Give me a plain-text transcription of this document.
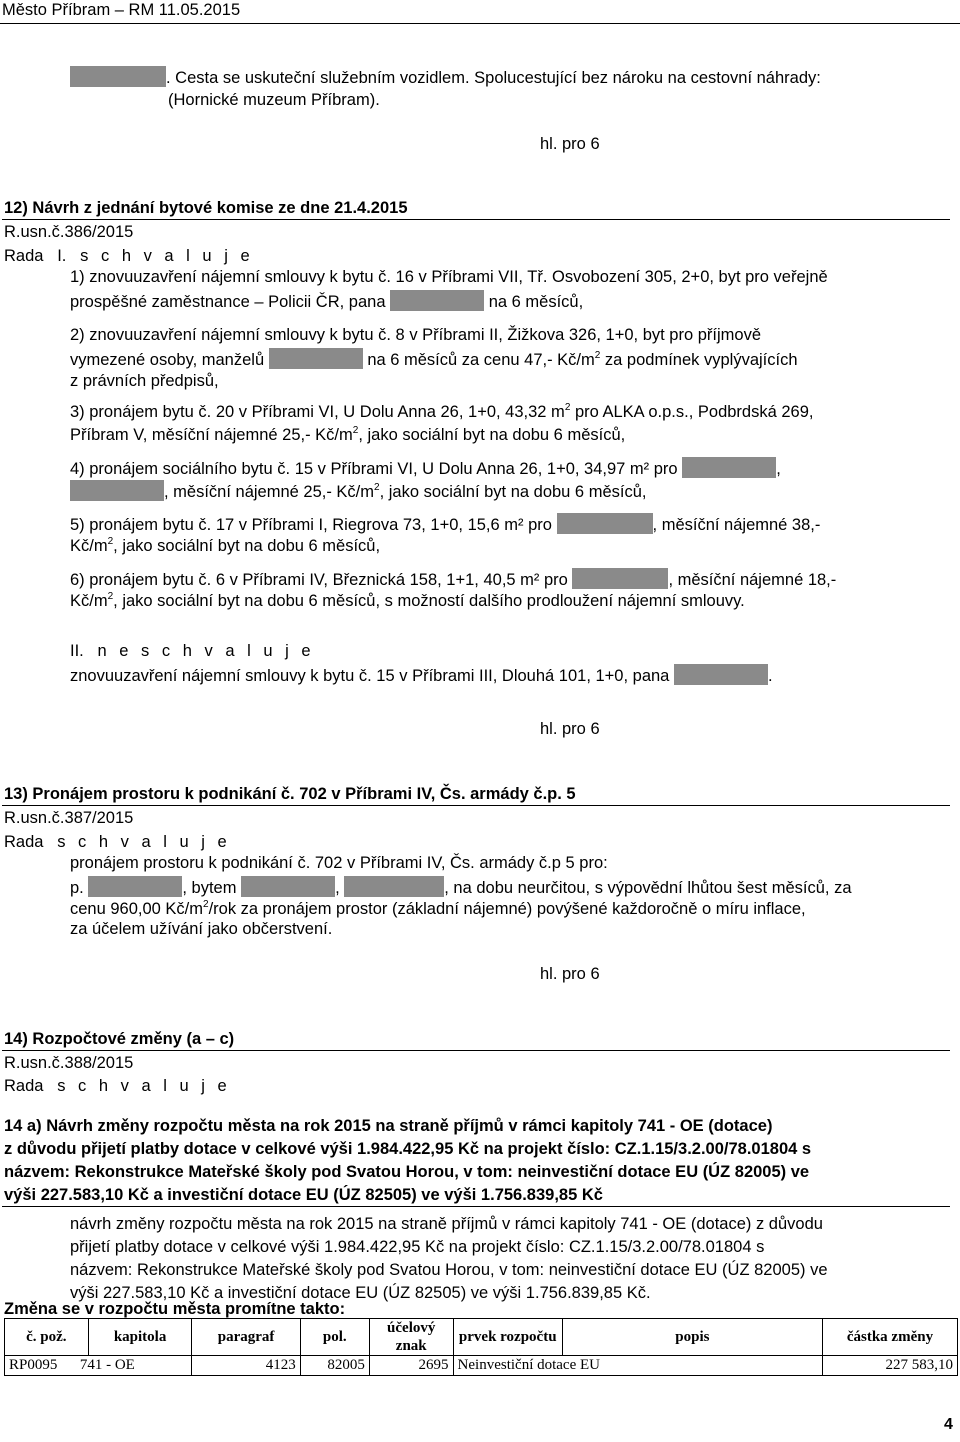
Město Příbram – RM 11.05.2015
. Cesta se uskuteční služebním vozidlem. Spolucestující bez nároku na cestovní náhrady:
(Hornické muzeum Příbram).
hl. pro 6
12) Návrh z jednání bytové komise ze dne 21.4.2015
R.usn.č.386/2015
Rada I. s c h v a l u j e
1) znovuuzavření nájemní smlouvy k bytu č. 16 v Příbrami VII, Tř. Osvobození 305, 2+0, byt pro veřejně
prospěšné zaměstnance – Policii ČR, pana	na 6 měsíců,
2) znovuuzavření nájemní smlouvy k bytu č. 8 v Příbrami II, Žižkova 326, 1+0, byt pro příjmově
vymezené osoby, manželů	na 6 měsíců za cenu 47,- $Kč/m^2$ za podmínek vyplývajících
z právních předpisů,
3) pronájem bytu č. 20 v Příbrami VI, U Dolu Anna 26, 1+0, 43,32 $m^2$ pro ALKA o.p.s., Podbrdská 269,
Příbram V, měsíční nájemné 25,- $Kč/m^2$, jako sociální byt na dobu 6 měsíců,
4) pronájem sociálního bytu č. 15 v Příbrami VI, U Dolu Anna 26, 1+0, 34,97 m² pro	,
, měsíční nájemné 25,- $Kč/m^2$, jako sociální byt na dobu 6 měsíců,
5) pronájem bytu č. 17 v Příbrami I, Riegrova 73, 1+0, 15,6 m² pro	, měsíční nájemné 38,-
$Kč/m^2$, jako sociální byt na dobu 6 měsíců,
6) pronájem bytu č. 6 v Příbrami IV, Březnická 158, 1+1, 40,5 m² pro	, měsíční nájemné 18,-
$Kč/m^2$, jako sociální byt na dobu 6 měsíců, s možností dalšího prodloužení nájemní smlouvy.
II. n e s c h v a l u j e
znovuuzavření nájemní smlouvy k bytu č. 15 v Příbrami III, Dlouhá 101, 1+0, pana	.
hl. pro 6
13) Pronájem prostoru k podnikání č. 702 v Příbrami IV, Čs. armády č.p. 5
R.usn.č.387/2015
Rada s c h v a l u j e
pronájem prostoru k podnikání č. 702 v Příbrami IV, Čs. armády č.p 5 pro:
p.	, bytem	,	, na dobu neurčitou, s výpovědní lhůtou šest měsíců, za
cenu 960,00 $Kč/m^2$/rok za pronájem prostor (základní nájemné) povýšené každoročně o míru inflace,
za účelem užívání jako občerstvení.
hl. pro 6
14) Rozpočtové změny (a – c)
R.usn.č.388/2015
Rada s c h v a l u j e
14 a) Návrh změny rozpočtu města na rok 2015 na straně příjmů v rámci kapitoly 741 - OE (dotace)
z důvodu přijetí platby dotace v celkové výši 1.984.422,95 Kč na projekt číslo: CZ.1.15/3.2.00/78.01804 s
názvem: Rekonstrukce Mateřské školy pod Svatou Horou, v tom: neinvestiční dotace EU (ÚZ 82005) ve
výši 227.583,10 Kč a investiční dotace EU (ÚZ 82505) ve výši 1.756.839,85 Kč
návrh změny rozpočtu města na rok 2015 na straně příjmů v rámci kapitoly 741 - OE (dotace) z důvodu
přijetí platby dotace v celkové výši 1.984.422,95 Kč na projekt číslo: CZ.1.15/3.2.00/78.01804 s
názvem: Rekonstrukce Mateřské školy pod Svatou Horou, v tom: neinvestiční dotace EU (ÚZ 82005) ve
výši 227.583,10 Kč a investiční dotace EU (ÚZ 82505) ve výši 1.756.839,85 Kč.
Změna se v rozpočtu města promítne takto:
č. pož.	kapitola	paragraf	pol.	účelový znak	prvek rozpočtu	popis	částka změny
RP0095 741 - OE		4123	82005	2695	Neinvestiční dotace EU		227 583,10
4
